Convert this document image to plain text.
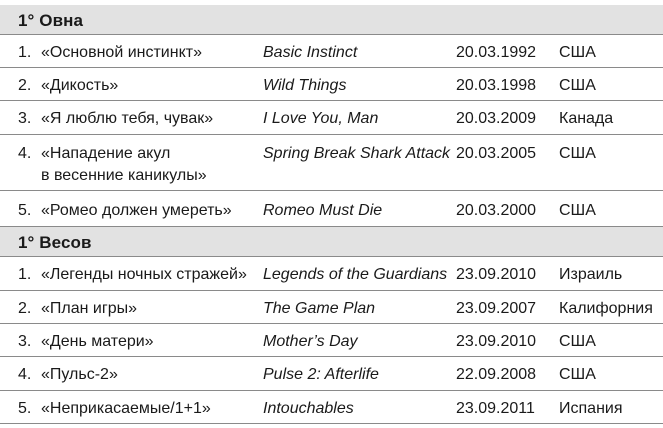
1° Овна
1. «Основной инстинкт»	Basic Instinct	20.03.1992 США
2. «Дикость»	Wild Things	20.03.1998 США
3. «Я люблю тебя, чувак»	I Love You, Man	20.03.2009 Канада
4. «Нападение акул
в весенние каникулы»
Spring Break Shark Attack 20.03.2005 США
5. «Ромео должен умереть» Romeo Must Die	20.03.2000 США
1° Весов
1. «Легенды ночных стражей» Legends of the Guardians 23.09.2010 Израиль
2. «План игры»	The Game Plan	23.09.2007 Калифорния
3. «День матери»	Mother’s Day	23.09.2010 США
4. «Пульс-2»	Pulse 2: Afterlife	22.09.2008 США
5. «Неприкасаемые/1+1»	Intouchables	23.09.2011 Испания
